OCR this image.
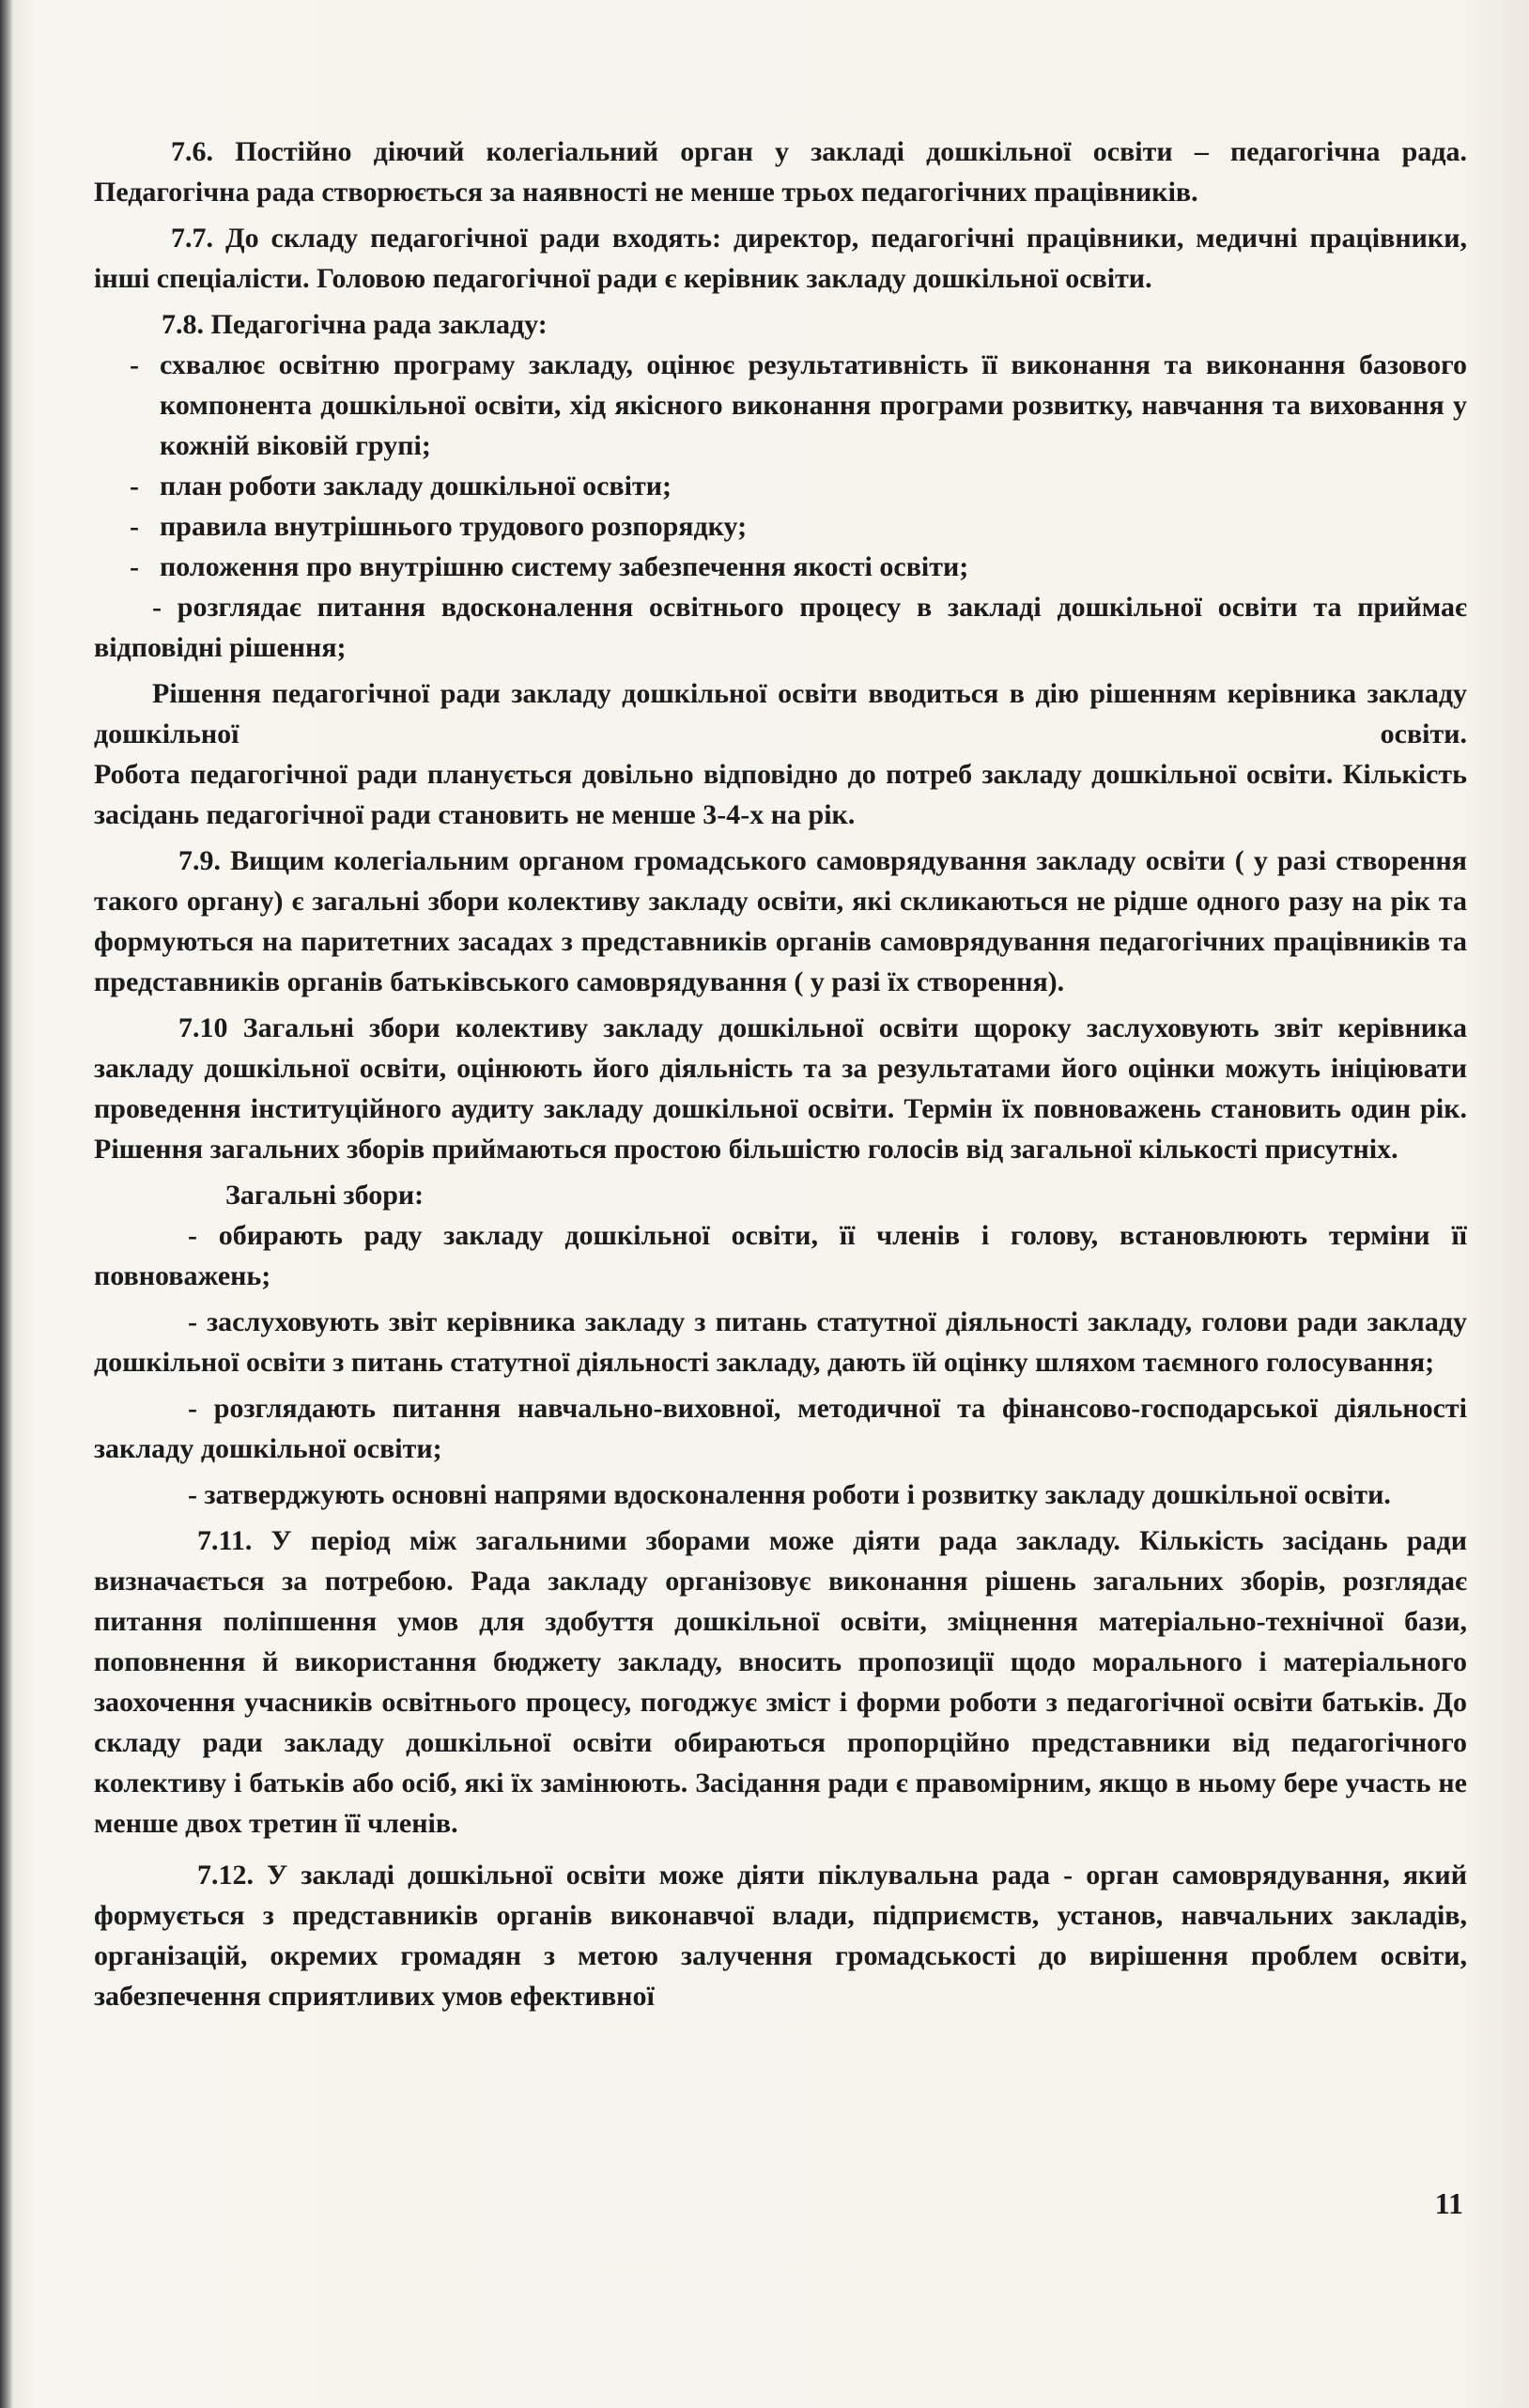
7.6. Постійно діючий колегіальний орган у закладі дошкільної освіти – педагогічна рада. Педагогічна рада створюється за наявності не менше трьох педагогічних працівників.

7.7. До складу педагогічної ради входять: директор, педагогічні працівники, медичні працівники, інші спеціалісти. Головою педагогічної ради є керівник закладу дошкільної освіти.

7.8. Педагогічна рада закладу:

- схвалює освітню програму закладу, оцінює результативність її виконання та виконання базового компонента дошкільної освіти, хід якісного виконання програми розвитку, навчання та виховання у кожній віковій групі;

- план роботи закладу дошкільної освіти;

- правила внутрішнього трудового розпорядку;

- положення про внутрішню систему забезпечення якості освіти;

- розглядає питання вдосконалення освітнього процесу в закладі дошкільної освіти та приймає відповідні рішення;

Рішення педагогічної ради закладу дошкільної освіти вводиться в дію рішенням керівника закладу дошкільної освіти.

Робота педагогічної ради планується довільно відповідно до потреб закладу дошкільної освіти. Кількість засідань педагогічної ради становить не менше 3-4-х на рік.

7.9. Вищим колегіальним органом громадського самоврядування закладу освіти ( у разі створення такого органу) є загальні збори колективу закладу освіти, які скликаються не рідше одного разу на рік та формуються на паритетних засадах з представників органів самоврядування педагогічних працівників та представників органів батьківського самоврядування ( у разі їх створення).

7.10 Загальні збори колективу закладу дошкільної освіти щороку заслуховують звіт керівника закладу дошкільної освіти, оцінюють його діяльність та за результатами його оцінки можуть ініціювати проведення інституційного аудиту закладу дошкільної освіти. Термін їх повноважень становить один рік. Рішення загальних зборів приймаються простою більшістю голосів від загальної кількості присутніх.

Загальні збори:

- обирають раду закладу дошкільної освіти, її членів і голову, встановлюють терміни її повноважень;

- заслуховують звіт керівника закладу з питань статутної діяльності закладу, голови ради закладу дошкільної освіти з питань статутної діяльності закладу, дають їй оцінку шляхом таємного голосування;

- розглядають питання навчально-виховної, методичної та фінансово-господарської діяльності закладу дошкільної освіти;

- затверджують основні напрями вдосконалення роботи і розвитку закладу дошкільної освіти.

7.11. У період між загальними зборами може діяти рада закладу. Кількість засідань ради визначається за потребою. Рада закладу організовує виконання рішень загальних зборів, розглядає питання поліпшення умов для здобуття дошкільної освіти, зміцнення матеріально-технічної бази, поповнення й використання бюджету закладу, вносить пропозиції щодо морального і матеріального заохочення учасників освітнього процесу, погоджує зміст і форми роботи з педагогічної освіти батьків. До складу ради закладу дошкільної освіти обираються пропорційно представники від педагогічного колективу і батьків або осіб, які їх замінюють. Засідання ради є правомірним, якщо в ньому бере участь не менше двох третин її членів.

7.12. У закладі дошкільної освіти може діяти піклувальна рада - орган самоврядування, який формується з представників органів виконавчої влади, підприємств, установ, навчальних закладів, організацій, окремих громадян з метою залучення громадськості до вирішення проблем освіти, забезпечення сприятливих умов ефективної

11
